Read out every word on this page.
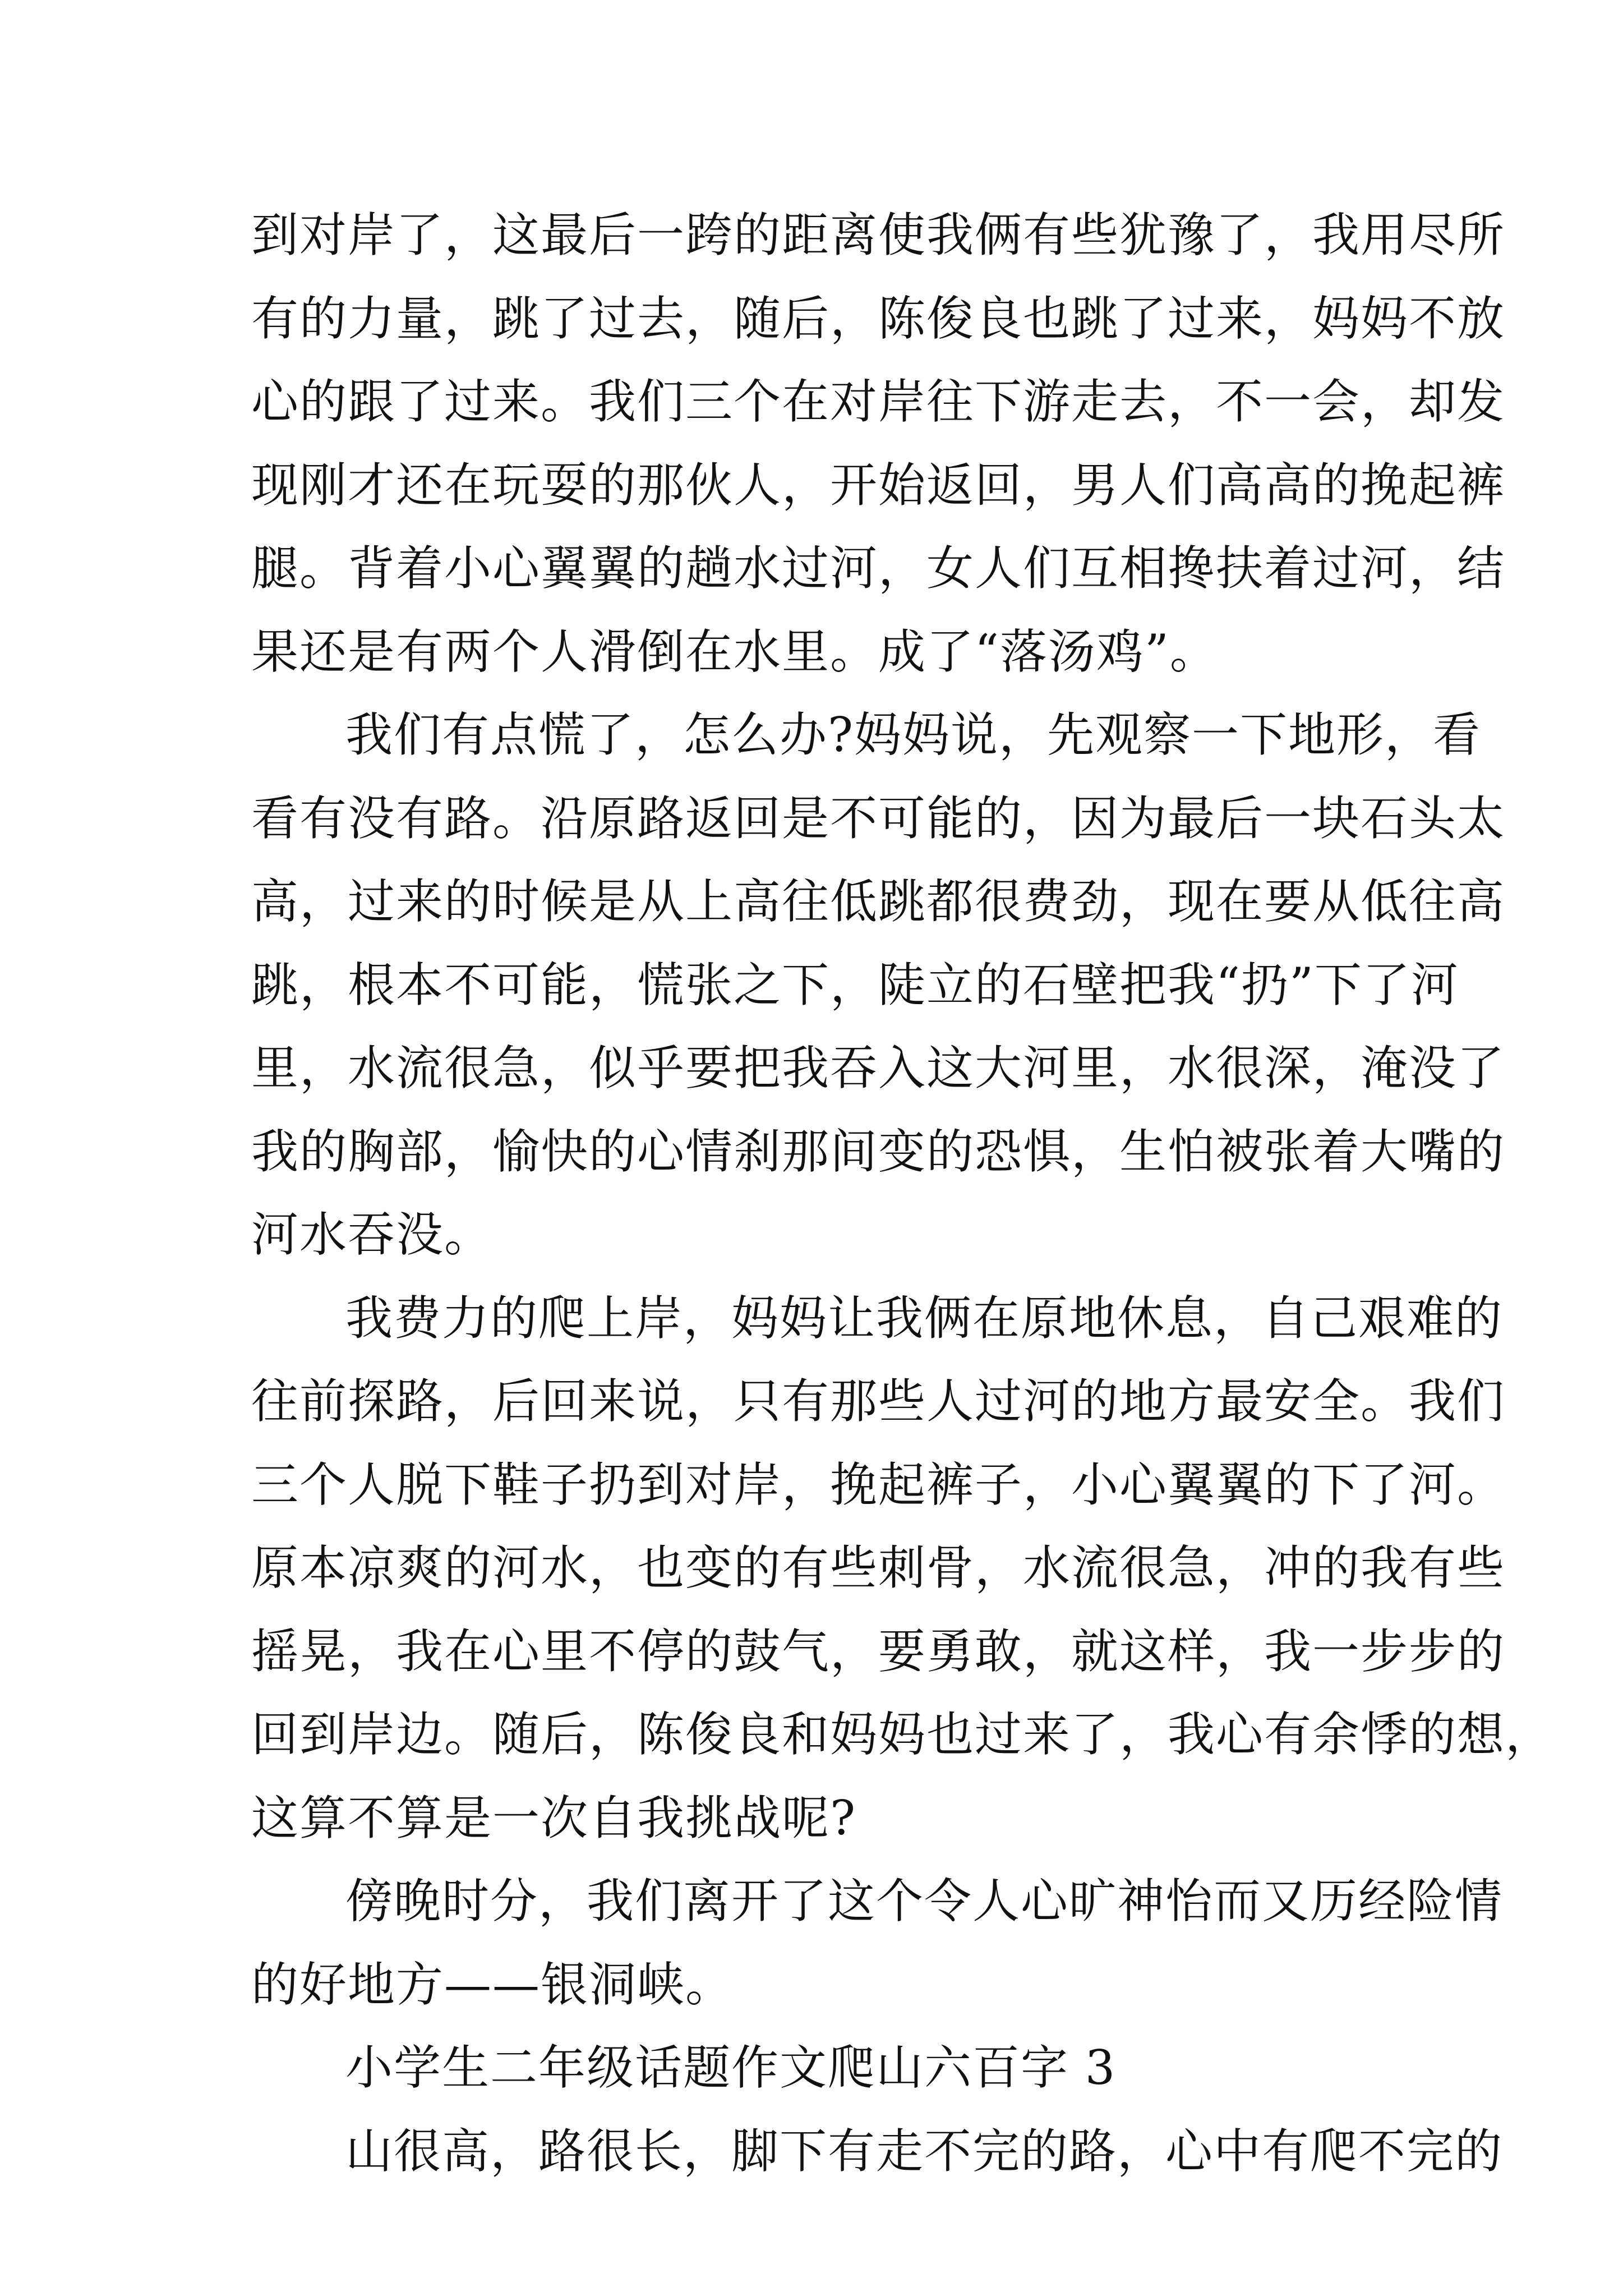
到对岸了，这最后一跨的距离使我俩有些犹豫了，我用尽所
有的力量，跳了过去，随后，陈俊良也跳了过来，妈妈不放
心的跟了过来。我们三个在对岸往下游走去，不一会，却发
现刚才还在玩耍的那伙人，开始返回，男人们高高的挽起裤
腿。背着小心翼翼的趟水过河，女人们互相搀扶着过河，结
果还是有两个人滑倒在水里。成了“落汤鸡”。
我们有点慌了，怎么办?妈妈说，先观察一下地形，看
看有没有路。沿原路返回是不可能的，因为最后一块石头太
高，过来的时候是从上高往低跳都很费劲，现在要从低往高
跳，根本不可能，慌张之下，陡立的石壁把我“扔”下了河
里，水流很急，似乎要把我吞入这大河里，水很深，淹没了
我的胸部，愉快的心情刹那间变的恐惧，生怕被张着大嘴的
河水吞没。
我费力的爬上岸，妈妈让我俩在原地休息，自己艰难的
往前探路，后回来说，只有那些人过河的地方最安全。我们
三个人脱下鞋子扔到对岸，挽起裤子，小心翼翼的下了河。
原本凉爽的河水，也变的有些刺骨，水流很急，冲的我有些
摇晃，我在心里不停的鼓气，要勇敢，就这样，我一步步的
回到岸边。随后，陈俊良和妈妈也过来了，我心有余悸的想，
这算不算是一次自我挑战呢?
傍晚时分，我们离开了这个令人心旷神怡而又历经险情
的好地方——银洞峡。
小学生二年级话题作文爬山六百字 3
山很高，路很长，脚下有走不完的路，心中有爬不完的
